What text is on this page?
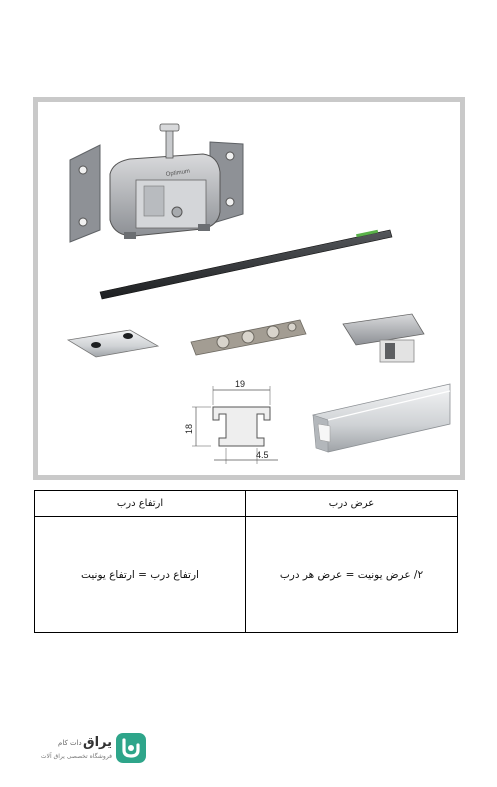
Optimum
19
18
4.5
ارتفاع درب	عرض درب
ارتفاع درب = ارتفاع یونیت	۲/ عرض یونیت = عرض هر درب
یراق
دات کام
فروشگاه تخصصی یراق آلات
